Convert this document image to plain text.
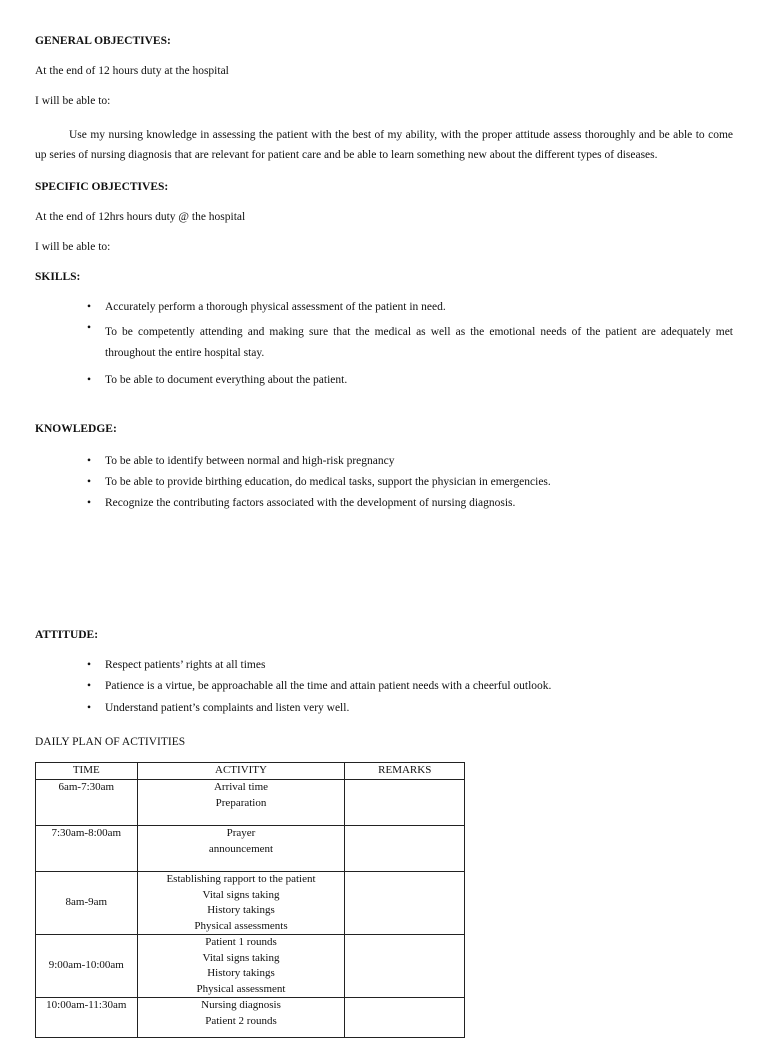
GENERAL OBJECTIVES:
At the end of 12 hours duty at the hospital
I will be able to:
Use my nursing knowledge in assessing the patient with the best of my ability, with the proper attitude assess thoroughly and be able to come up series of nursing diagnosis that are relevant for patient care and be able to learn something new about the different types of diseases.
SPECIFIC OBJECTIVES:
At the end of 12hrs hours duty @ the hospital
I will be able to:
SKILLS:
• Accurately perform a thorough physical assessment of the patient in need.
• To be competently attending and making sure that the medical as well as the emotional needs of the patient are adequately met throughout the entire hospital stay.
• To be able to document everything about the patient.
KNOWLEDGE:
• To be able to identify between normal and high-risk pregnancy
• To be able to provide birthing education, do medical tasks, support the physician in emergencies.
• Recognize the contributing factors associated with the development of nursing diagnosis.
ATTITUDE:
• Respect patients’ rights at all times
• Patience is a virtue, be approachable all the time and attain patient needs with a cheerful outlook.
• Understand patient’s complaints and listen very well.
DAILY PLAN OF ACTIVITIES
TIME	ACTIVITY	REMARKS
6am-7:30am	Arrival time
Preparation	

7:30am-8:00am	Prayer
announcement	

8am-9am	Establishing rapport to the patient
Vital signs taking
History takings
Physical assessments	

9:00am-10:00am	Patient 1 rounds
Vital signs taking
History takings
Physical assessment	

10:00am-11:30am	Nursing diagnosis
Patient 2 rounds	
